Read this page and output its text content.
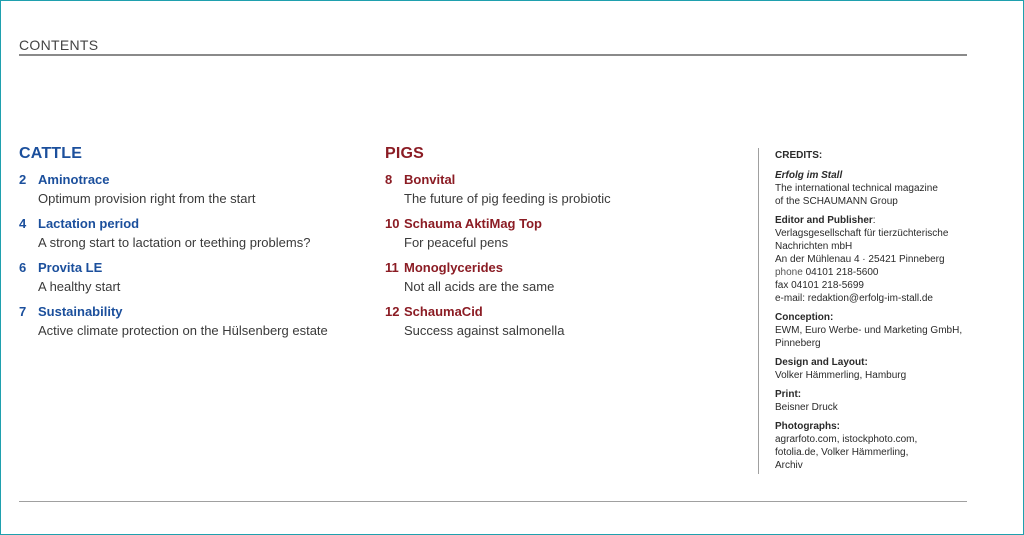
CONTENTS
CATTLE
2 Aminotrace
Optimum provision right from the start
4 Lactation period
A strong start to lactation or teething problems?
6 Provita LE
A healthy start
7 Sustainability
Active climate protection on the Hülsenberg estate
PIGS
8 Bonvital
The future of pig feeding is probiotic
10 Schauma AktiMag Top
For peaceful pens
11 Monoglycerides
Not all acids are the same
12 SchaumaCid
Success against salmonella
CREDITS:
Erfolg im Stall
The international technical magazine
of the SCHAUMANN Group
Editor and Publisher:
Verlagsgesellschaft für tierzüchterische
Nachrichten mbH
An der Mühlenau 4 · 25421 Pinneberg
phone 04101 218-5600
fax 04101 218-5699
e-mail: redaktion@erfolg-im-stall.de
Conception:
EWM, Euro Werbe- und Marketing GmbH,
Pinneberg
Design and Layout:
Volker Hämmerling, Hamburg
Print:
Beisner Druck
Photographs:
agrarfoto.com, istockphoto.com,
fotolia.de, Volker Hämmerling,
Archiv
